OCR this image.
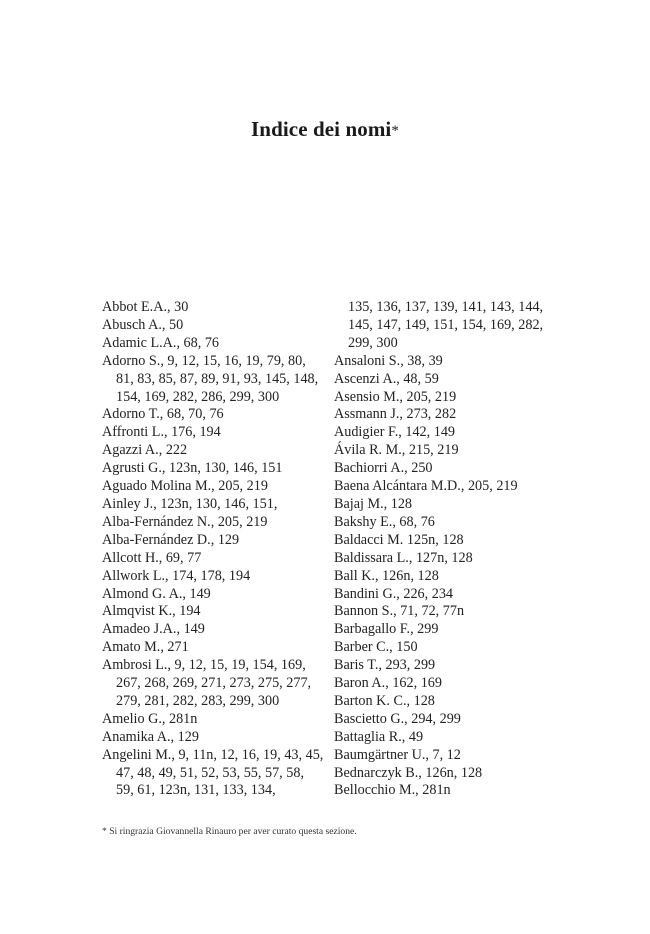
Indice dei nomi*
Abbot E.A., 30
Abusch A., 50
Adamic L.A., 68, 76
Adorno S., 9, 12, 15, 16, 19, 79, 80, 81, 83, 85, 87, 89, 91, 93, 145, 148, 154, 169, 282, 286, 299, 300
Adorno T., 68, 70, 76
Affronti L., 176, 194
Agazzi A., 222
Agrusti G., 123n, 130, 146, 151
Aguado Molina M., 205, 219
Ainley J., 123n, 130, 146, 151,
Alba-Fernández N., 205, 219
Alba-Fernández D., 129
Allcott H., 69, 77
Allwork L., 174, 178, 194
Almond G. A., 149
Almqvist K., 194
Amadeo J.A., 149
Amato M., 271
Ambrosi L., 9, 12, 15, 19, 154, 169, 267, 268, 269, 271, 273, 275, 277, 279, 281, 282, 283, 299, 300
Amelio G., 281n
Anamika A., 129
Angelini M., 9, 11n, 12, 16, 19, 43, 45, 47, 48, 49, 51, 52, 53, 55, 57, 58, 59, 61, 123n, 131, 133, 134,
135, 136, 137, 139, 141, 143, 144, 145, 147, 149, 151, 154, 169, 282, 299, 300
Ansaloni S., 38, 39
Ascenzi A., 48, 59
Asensio M., 205, 219
Assmann J., 273, 282
Audigier F., 142, 149
Ávila R. M., 215, 219
Bachiorri A., 250
Baena Alcántara M.D., 205, 219
Bajaj M., 128
Bakshy E., 68, 76
Baldacci M. 125n, 128
Baldissara L., 127n, 128
Ball K., 126n, 128
Bandini G., 226, 234
Bannon S., 71, 72, 77n
Barbagallo F., 299
Barber C., 150
Baris T., 293, 299
Baron A., 162, 169
Barton K. C., 128
Bascietto G., 294, 299
Battaglia R., 49
Baumgärtner U., 7, 12
Bednarczyk B., 126n, 128
Bellocchio M., 281n
* Si ringrazia Giovannella Rinauro per aver curato questa sezione.
